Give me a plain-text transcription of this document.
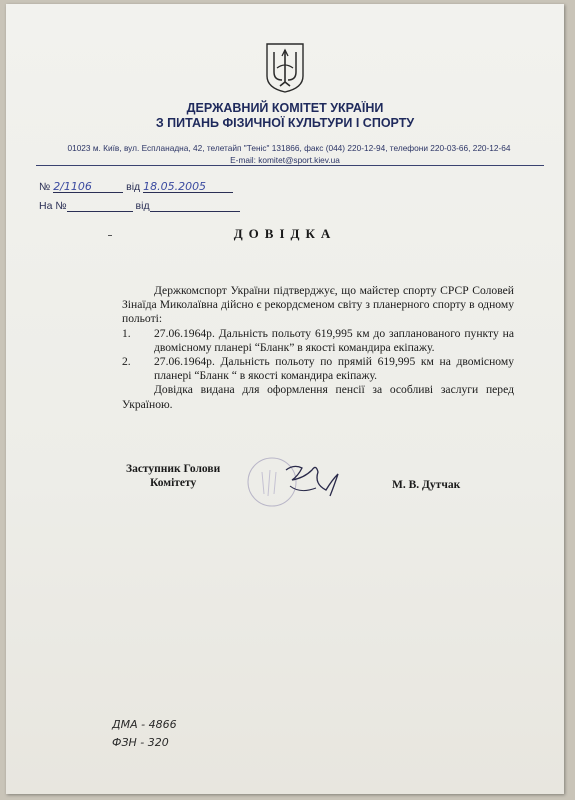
ДЕРЖАВНИЙ КОМІТЕТ УКРАЇНИ
З ПИТАНЬ ФІЗИЧНОЇ КУЛЬТУРИ І СПОРТУ
01023 м. Київ, вул. Еспланадна, 42, телетайп "Теніс" 131866, факс (044) 220-12-94, телефони 220-03-66, 220-12-64
E-mail: komitet@sport.kiev.ua
№ 2/1106	від 18.05.2005
На №	від
ДОВІДКА

Держкомспорт України підтверджує, що майстер спорту СРСР Соловей Зінаїда Миколаївна дійсно є рекордсменом світу з планерного спорту в одному польоті:

1. 27.06.1964р. Дальність польоту 619,995 км до запланованого пункту на двомісному планері “Бланк” в якості командира екіпажу.

2. 27.06.1964р. Дальність польоту по прямій 619,995 км на двомісному планері “Бланк “ в якості командира екіпажу.

Довідка видана для оформлення пенсії за особливі заслуги перед Україною.

Заступник Голови
Комітету	М. В. Дутчак
ДМА - 4866
ФЗН - 320
